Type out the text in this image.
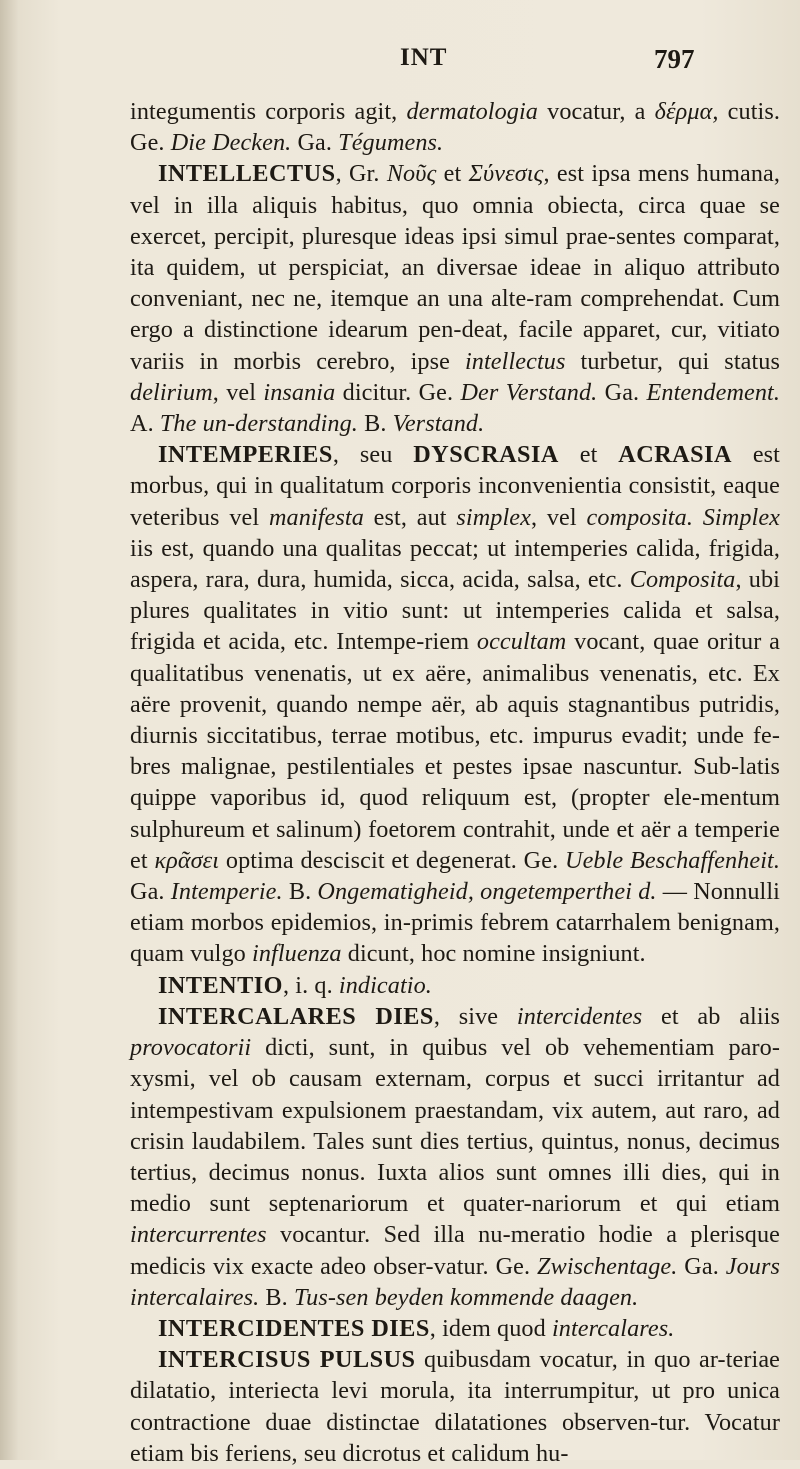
INT	797

integumentis corporis agit, dermatologia vocatur, a δέρμα, cutis. Ge. Die Decken. Ga. Tégumens.

INTELLECTUS, Gr. Νοῦς et Σύνεσις, est ipsa mens humana, vel in illa aliquis habitus, quo omnia obiecta, circa quae se exercet, percipit, pluresque ideas ipsi simul prae-sentes comparat, ita quidem, ut perspiciat, an diversae ideae in aliquo attributo conveniant, nec ne, itemque an una alte-ram comprehendat. Cum ergo a distinctione idearum pen-deat, facile apparet, cur, vitiato variis in morbis cerebro, ipse intellectus turbetur, qui status delirium, vel insania dicitur. Ge. Der Verstand. Ga. Entendement. A. The un-derstanding. B. Verstand.

INTEMPERIES, seu DYSCRASIA et ACRASIA est morbus, qui in qualitatum corporis inconvenientia consistit, eaque veteribus vel manifesta est, aut simplex, vel composita. Simplex iis est, quando una qualitas peccat; ut intemperies calida, frigida, aspera, rara, dura, humida, sicca, acida, salsa, etc. Composita, ubi plures qualitates in vitio sunt: ut intemperies calida et salsa, frigida et acida, etc. Intempe-riem occultam vocant, quae oritur a qualitatibus venenatis, ut ex aëre, animalibus venenatis, etc. Ex aëre provenit, quando nempe aër, ab aquis stagnantibus putridis, diurnis siccitatibus, terrae motibus, etc. impurus evadit; unde fe-bres malignae, pestilentiales et pestes ipsae nascuntur. Sub-latis quippe vaporibus id, quod reliquum est, (propter ele-mentum sulphureum et salinum) foetorem contrahit, unde et aër a temperie et κρᾶσει optima desciscit et degenerat. Ge. Ueble Beschaffenheit. Ga. Intemperie. B. Ongematigheid, ongetemperthei d. — Nonnulli etiam morbos epidemios, in-primis febrem catarrhalem benignam, quam vulgo influenza dicunt, hoc nomine insigniunt.

INTENTIO, i. q. indicatio.

INTERCALARES DIES, sive intercidentes et ab aliis provocatorii dicti, sunt, in quibus vel ob vehementiam paro-xysmi, vel ob causam externam, corpus et succi irritantur ad intempestivam expulsionem praestandam, vix autem, aut raro, ad crisin laudabilem. Tales sunt dies tertius, quintus, nonus, decimus tertius, decimus nonus. Iuxta alios sunt omnes illi dies, qui in medio sunt septenariorum et quater-nariorum et qui etiam intercurrentes vocantur. Sed illa nu-meratio hodie a plerisque medicis vix exacte adeo obser-vatur. Ge. Zwischentage. Ga. Jours intercalaires. B. Tus-sen beyden kommende daagen.

INTERCIDENTES DIES, idem quod intercalares.

INTERCISUS PULSUS quibusdam vocatur, in quo ar-teriae dilatatio, interiecta levi morula, ita interrumpitur, ut pro unica contractione duae distinctae dilatationes observen-tur. Vocatur etiam bis feriens, seu dicrotus et calidum hu-
